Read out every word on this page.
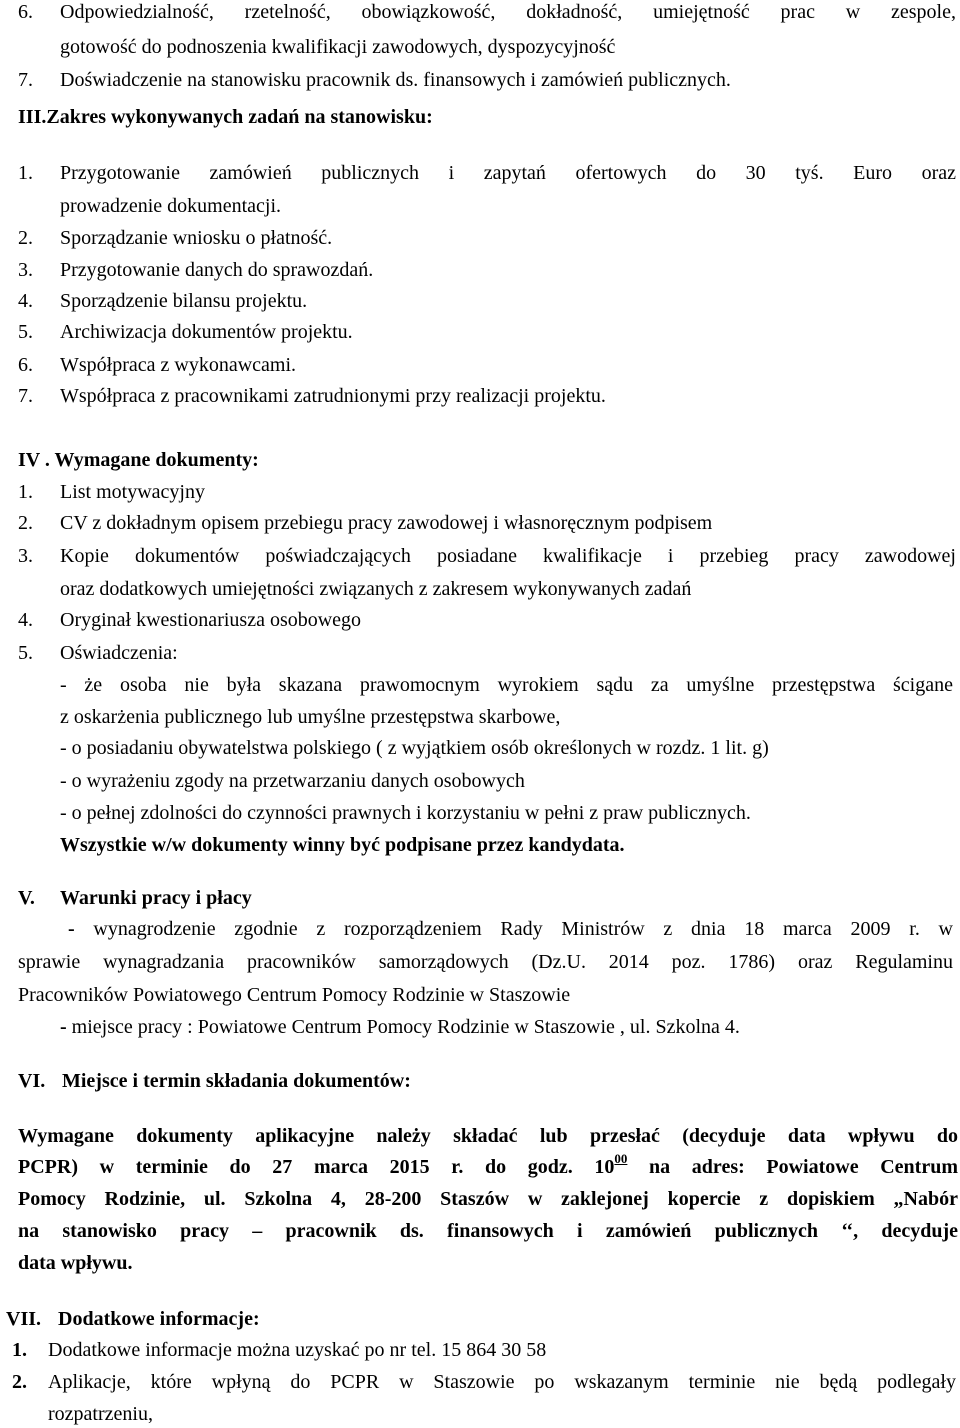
6. Odpowiedzialność, rzetelność, obowiązkowość, dokładność, umiejętność prac w zespole,
gotowość do podnoszenia kwalifikacji zawodowych, dyspozycyjność
7. Doświadczenie na stanowisku pracownik ds. finansowych i zamówień publicznych.
III.Zakres wykonywanych zadań na stanowisku:
1. Przygotowanie zamówień publicznych i zapytań ofertowych do 30 tyś. Euro oraz
prowadzenie dokumentacji.
2. Sporządzanie wniosku o płatność.
3. Przygotowanie danych do sprawozdań.
4. Sporządzenie bilansu projektu.
5. Archiwizacja dokumentów projektu.
6. Współpraca z wykonawcami.
7. Współpraca z pracownikami zatrudnionymi przy realizacji projektu.
IV . Wymagane dokumenty:
1. List motywacyjny
2. CV z dokładnym opisem przebiegu pracy zawodowej i własnoręcznym podpisem
3. Kopie dokumentów poświadczających posiadane kwalifikacje i przebieg pracy zawodowej
oraz dodatkowych umiejętności związanych z zakresem wykonywanych zadań
4. Oryginał kwestionariusza osobowego
5. Oświadczenia:
- że osoba nie była skazana prawomocnym wyrokiem sądu za umyślne przestępstwa ścigane
z oskarżenia publicznego lub umyślne przestępstwa skarbowe,
- o posiadaniu obywatelstwa polskiego ( z wyjątkiem osób określonych w rozdz. 1 lit. g)
- o wyrażeniu zgody na przetwarzaniu danych osobowych
- o pełnej zdolności do czynności prawnych i korzystaniu w pełni z praw publicznych.
Wszystkie w/w dokumenty winny być podpisane przez kandydata.
V. Warunki pracy i płacy
- wynagrodzenie zgodnie z rozporządzeniem Rady Ministrów z dnia 18 marca 2009 r. w
sprawie wynagradzania pracowników samorządowych (Dz.U. 2014 poz. 1786) oraz Regulaminu
Pracowników Powiatowego Centrum Pomocy Rodzinie w Staszowie
- miejsce pracy : Powiatowe Centrum Pomocy Rodzinie w Staszowie , ul. Szkolna 4.
VI. Miejsce i termin składania dokumentów:
Wymagane dokumenty aplikacyjne należy składać lub przesłać (decyduje data wpływu do
PCPR) w terminie do 27 marca 2015 r. do godz. $10^{00}$ na adres: Powiatowe Centrum
Pomocy Rodzinie, ul. Szkolna 4, 28-200 Staszów w zaklejonej kopercie z dopiskiem „Nabór
na stanowisko pracy – pracownik ds. finansowych i zamówień publicznych ‘‘, decyduje
data wpływu.
VII. Dodatkowe informacje:
1. Dodatkowe informacje można uzyskać po nr tel. 15 864 30 58
2. Aplikacje, które wpłyną do PCPR w Staszowie po wskazanym terminie nie będą podlegały
rozpatrzeniu,
